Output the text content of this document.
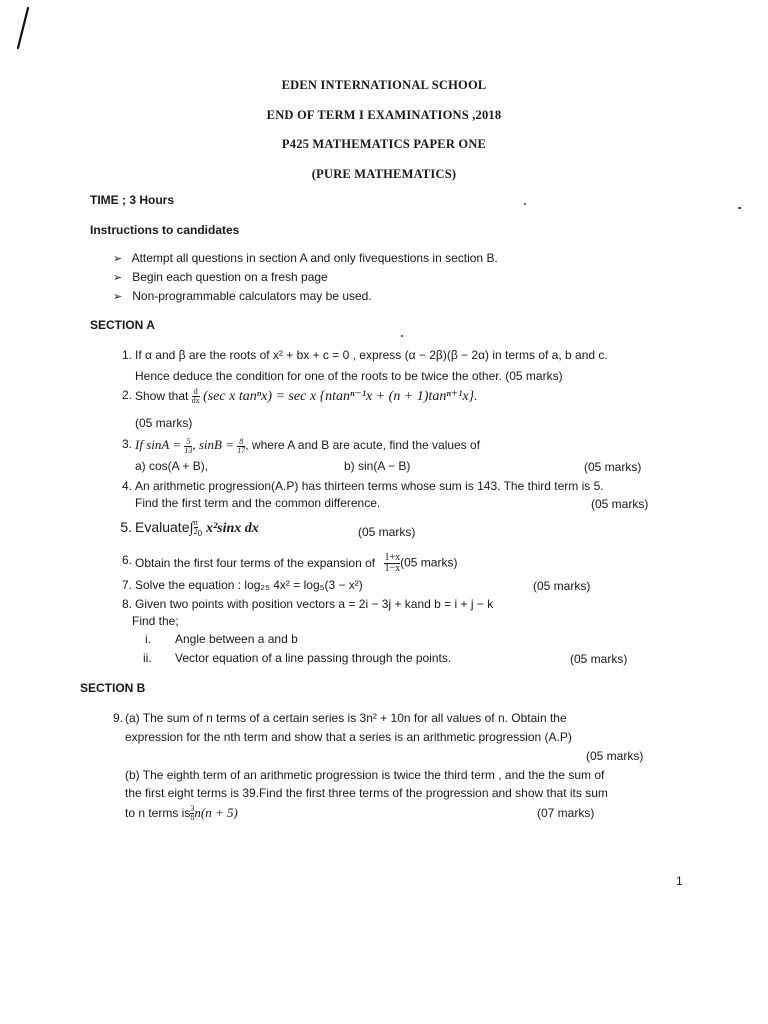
EDEN INTERNATIONAL SCHOOL
END OF TERM I EXAMINATIONS ,2018
P425 MATHEMATICS PAPER ONE
(PURE MATHEMATICS)
TIME ; 3 Hours
Instructions to candidates
➢ Attempt all questions in section A and only fivequestions in section B.
➢ Begin each question on a fresh page
➢ Non-programmable calculators may be used.
SECTION A
1. If α and β are the roots of x² + bx + c = 0 , express (α − 2β)(β − 2α) in terms of a, b and c.
Hence deduce the condition for one of the roots to be twice the other. (05 marks)
2. Show that $\frac{d}{dx} (\sec$ x tanⁿx) = sec x {ntanⁿ⁻¹x + (n + 1)tanⁿ⁺¹x}.
(05 marks)
3. If $\sin A = \frac{5}{13}$ , $\sin B = \frac{8}{17}$ , where A and B are acute, find the values of
a) cos(A + B),	b) sin(A − B)	(05 marks)
4. An arithmetic progression(A.P) has thirteen terms whose sum is 143. The third term is 5.
Find the first term and the common difference.	(05 marks)
5. Evaluate∫ $\frac{\pi}{2} _0$ x²sinx dx	(05 marks)
6. Obtain the first four terms of the expansion of $\frac{1+x}{1-x} (05$ marks)
7. Solve the equation : log₂₅ 4x² = log₅(3 − x²)	(05 marks)
8. Given two points with position vectors a = 2i − 3j + kand b = i + j − k
Find the;
i. Angle between a and b
ii. Vector equation of a line passing through the points.	(05 marks)
SECTION B
9. (a) The sum of n terms of a certain series is 3n² + 10n for all values of n. Obtain the
expression for the nth term and show that a series is an arithmetic progression (A.P)
(05 marks)
(b) The eighth term of an arithmetic progression is twice the third term , and the the sum of
the first eight terms is 39.Find the first three terms of the progression and show that its sum
to n terms is $\frac{3}{8} n(n + 5)$	(07 marks)
1
